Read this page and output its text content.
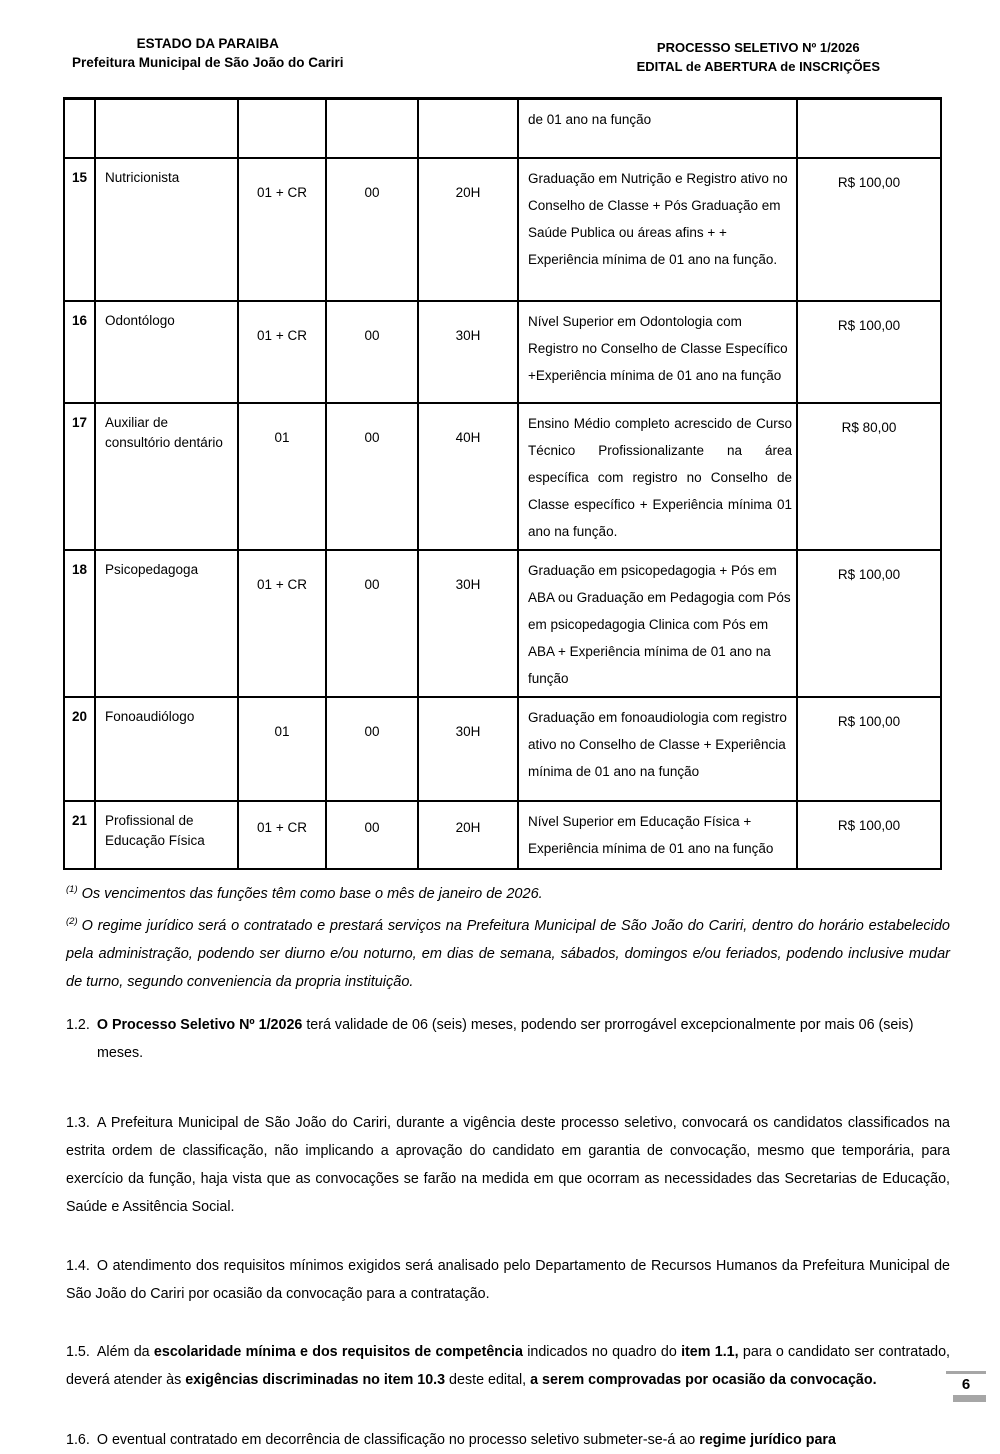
ESTADO DA PARAIBA
Prefeitura Municipal de São João do Cariri
PROCESSO SELETIVO Nº 1/2026
EDITAL de ABERTURA de INSCRIÇÕES
					de 01 ano na função	
15	Nutricionista	01 + CR	00	20H	Graduação em Nutrição e Registro ativo no Conselho de Classe + Pós Graduação em Saúde Publica ou áreas afins + + Experiência mínima de 01 ano na função.	R$ 100,00
16	Odontólogo	01 + CR	00	30H	Nível Superior em Odontologia com Registro no Conselho de Classe Específico +Experiência mínima de 01 ano na função	R$ 100,00
17	Auxiliar de consultório dentário	01	00	40H	Ensino Médio completo acrescido de Curso Técnico Profissionalizante na área específica com registro no Conselho de Classe específico + Experiência mínima 01 ano na função.	R$ 80,00
18	Psicopedagoga	01 + CR	00	30H	Graduação em psicopedagogia + Pós em ABA ou Graduação em Pedagogia com Pós em psicopedagogia Clinica com Pós em ABA + Experiência mínima de 01 ano na função	R$ 100,00
20	Fonoaudiólogo	01	00	30H	Graduação em fonoaudiologia com registro ativo no Conselho de Classe + Experiência mínima de 01 ano na função	R$ 100,00
21	Profissional de Educação Física	01 + CR	00	20H	Nível Superior em Educação Física + Experiência mínima de 01 ano na função	R$ 100,00
$^{(1)}$ Os vencimentos das funções têm como base o mês de janeiro de 2026.
$^{(2)}$ O regime jurídico será o contratado e prestará serviços na Prefeitura Municipal de São João do Cariri, dentro do horário estabelecido pela administração, podendo ser diurno e/ou noturno, em dias de semana, sábados, domingos e/ou feriados, podendo inclusive mudar de turno, segundo conveniencia da propria instituição.

1.2. O Processo Seletivo Nº 1/2026 terá validade de 06 (seis) meses, podendo ser prorrogável excepcionalmente por mais 06 (seis) meses.

1.3. A Prefeitura Municipal de São João do Cariri, durante a vigência deste processo seletivo, convocará os candidatos classificados na estrita ordem de classificação, não implicando a aprovação do candidato em garantia de convocação, mesmo que temporária, para exercício da função, haja vista que as convocações se farão na medida em que ocorram as necessidades das Secretarias de Educação, Saúde e Assitência Social.

1.4. O atendimento dos requisitos mínimos exigidos será analisado pelo Departamento de Recursos Humanos da Prefeitura Municipal de São João do Cariri por ocasião da convocação para a contratação.

1.5. Além da escolaridade mínima e dos requisitos de competência indicados no quadro do item 1.1, para o candidato ser contratado, deverá atender às exigências discriminadas no item 10.3 deste edital, a serem comprovadas por ocasião da convocação.

1.6. O eventual contratado em decorrência de classificação no processo seletivo submeter-se-á ao regime jurídico para

6
